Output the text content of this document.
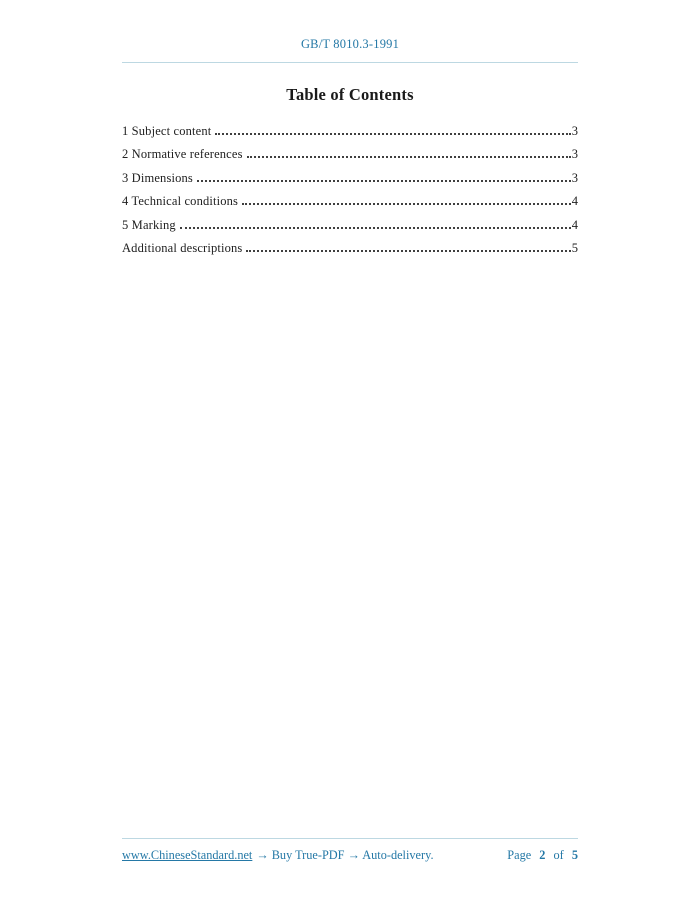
GB/T 8010.3-1991
Table of Contents
1 Subject content	3
2 Normative references	3
3 Dimensions	3
4 Technical conditions	4
5 Marking	4
Additional descriptions	5
www.ChineseStandard.net → Buy True-PDF → Auto-delivery.	Page 2 of 5
